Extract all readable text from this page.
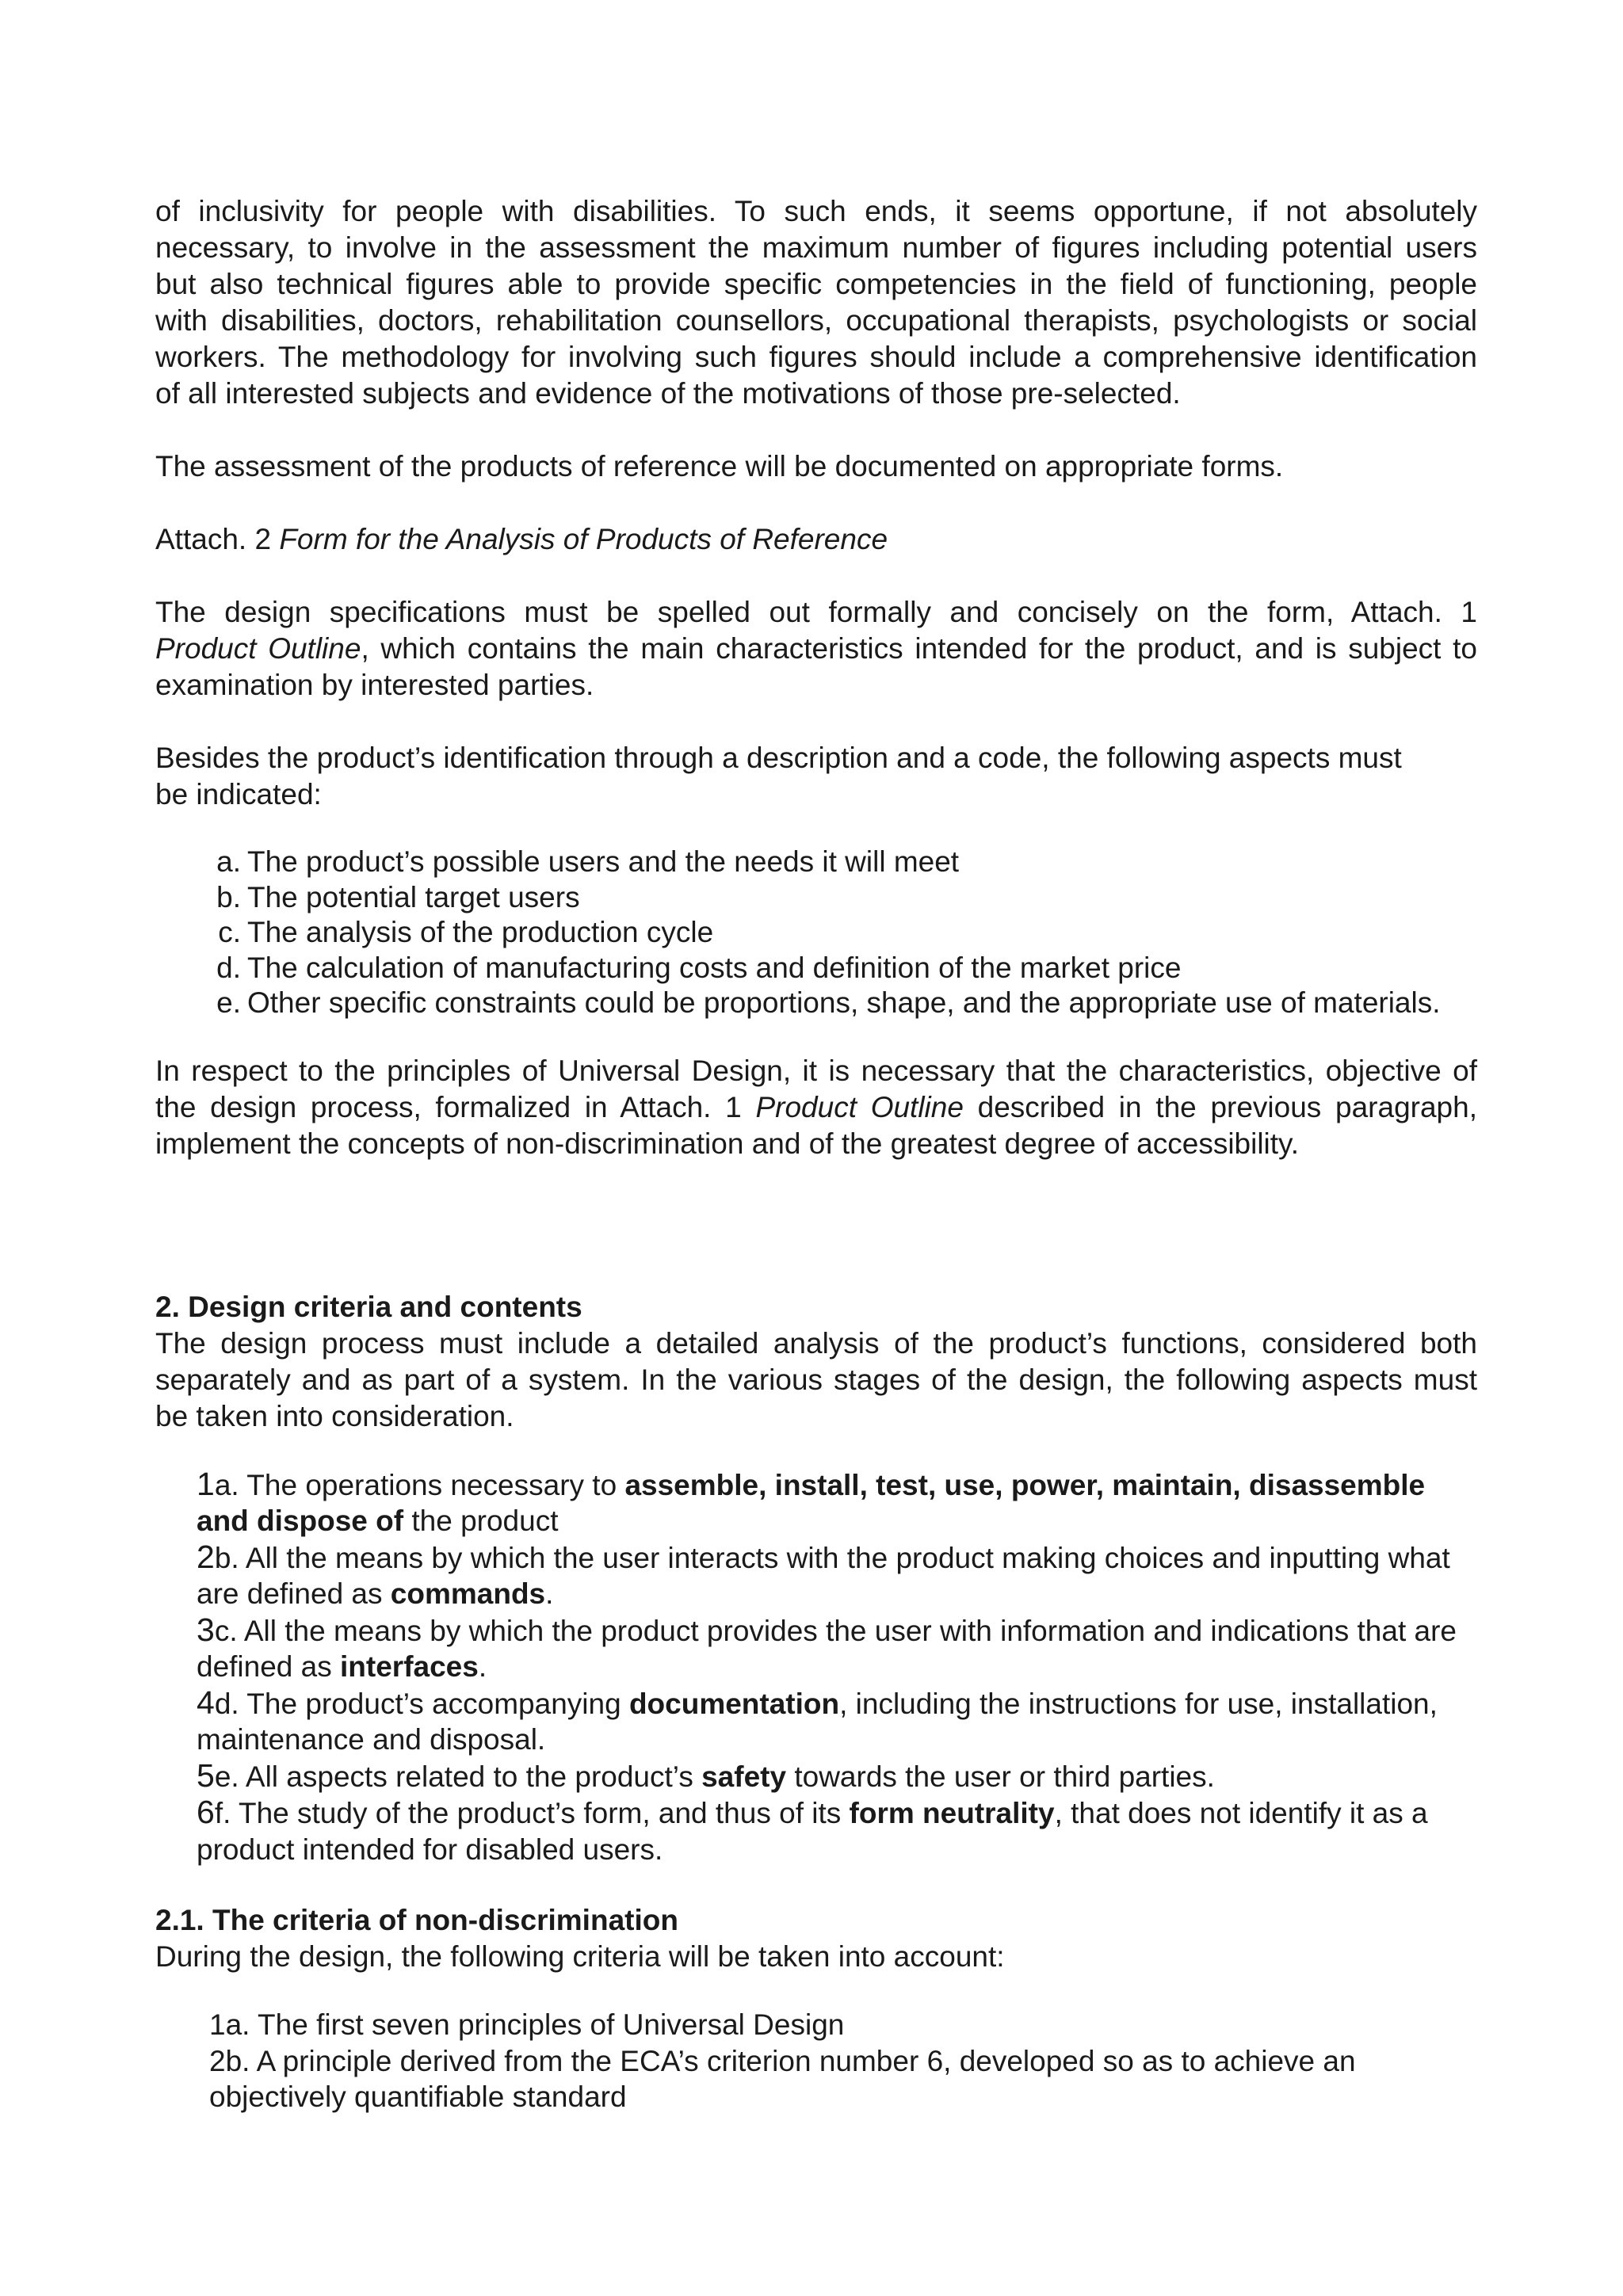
of inclusivity for people with disabilities. To such ends, it seems opportune, if not absolutely

necessary, to involve in the assessment the maximum number of figures including potential users

but also technical figures able to provide specific competencies in the field of functioning, people

with disabilities, doctors, rehabilitation counsellors, occupational therapists, psychologists or social

workers. The methodology for involving such figures should include a comprehensive identification

of all interested subjects and evidence of the motivations of those pre-selected.

The assessment of the products of reference will be documented on appropriate forms.

Attach. 2 Form for the Analysis of Products of Reference

The design specifications must be spelled out formally and concisely on the form, Attach. 1

Product Outline, which contains the main characteristics intended for the product, and is subject to

examination by interested parties.

Besides the product’s identification through a description and a code, the following aspects must be indicated:

a. The product’s possible users and the needs it will meet
b. The potential target users
c. The analysis of the production cycle
d. The calculation of manufacturing costs and definition of the market price
e. Other specific constraints could be proportions, shape, and the appropriate use of materials.

In respect to the principles of Universal Design, it is necessary that the characteristics, objective of

the design process, formalized in Attach. 1 Product Outline described in the previous paragraph,

implement the concepts of non-discrimination and of the greatest degree of accessibility.

2. Design criteria and contents

The design process must include a detailed analysis of the product’s functions, considered both

separately and as part of a system. In the various stages of the design, the following aspects must

be taken into consideration.

1a. The operations necessary to assemble, install, test, use, power, maintain, disassemble and dispose of the product
2b. All the means by which the user interacts with the product making choices and inputting what are defined as commands.
3c. All the means by which the product provides the user with information and indications that are defined as interfaces.
4d. The product’s accompanying documentation, including the instructions for use, installation, maintenance and disposal.
5e. All aspects related to the product’s safety towards the user or third parties.
6f. The study of the product’s form, and thus of its form neutrality, that does not identify it as a product intended for disabled users.

2.1. The criteria of non-discrimination

During the design, the following criteria will be taken into account:

1a. The first seven principles of Universal Design
2b. A principle derived from the ECA’s criterion number 6, developed so as to achieve an objectively quantifiable standard
